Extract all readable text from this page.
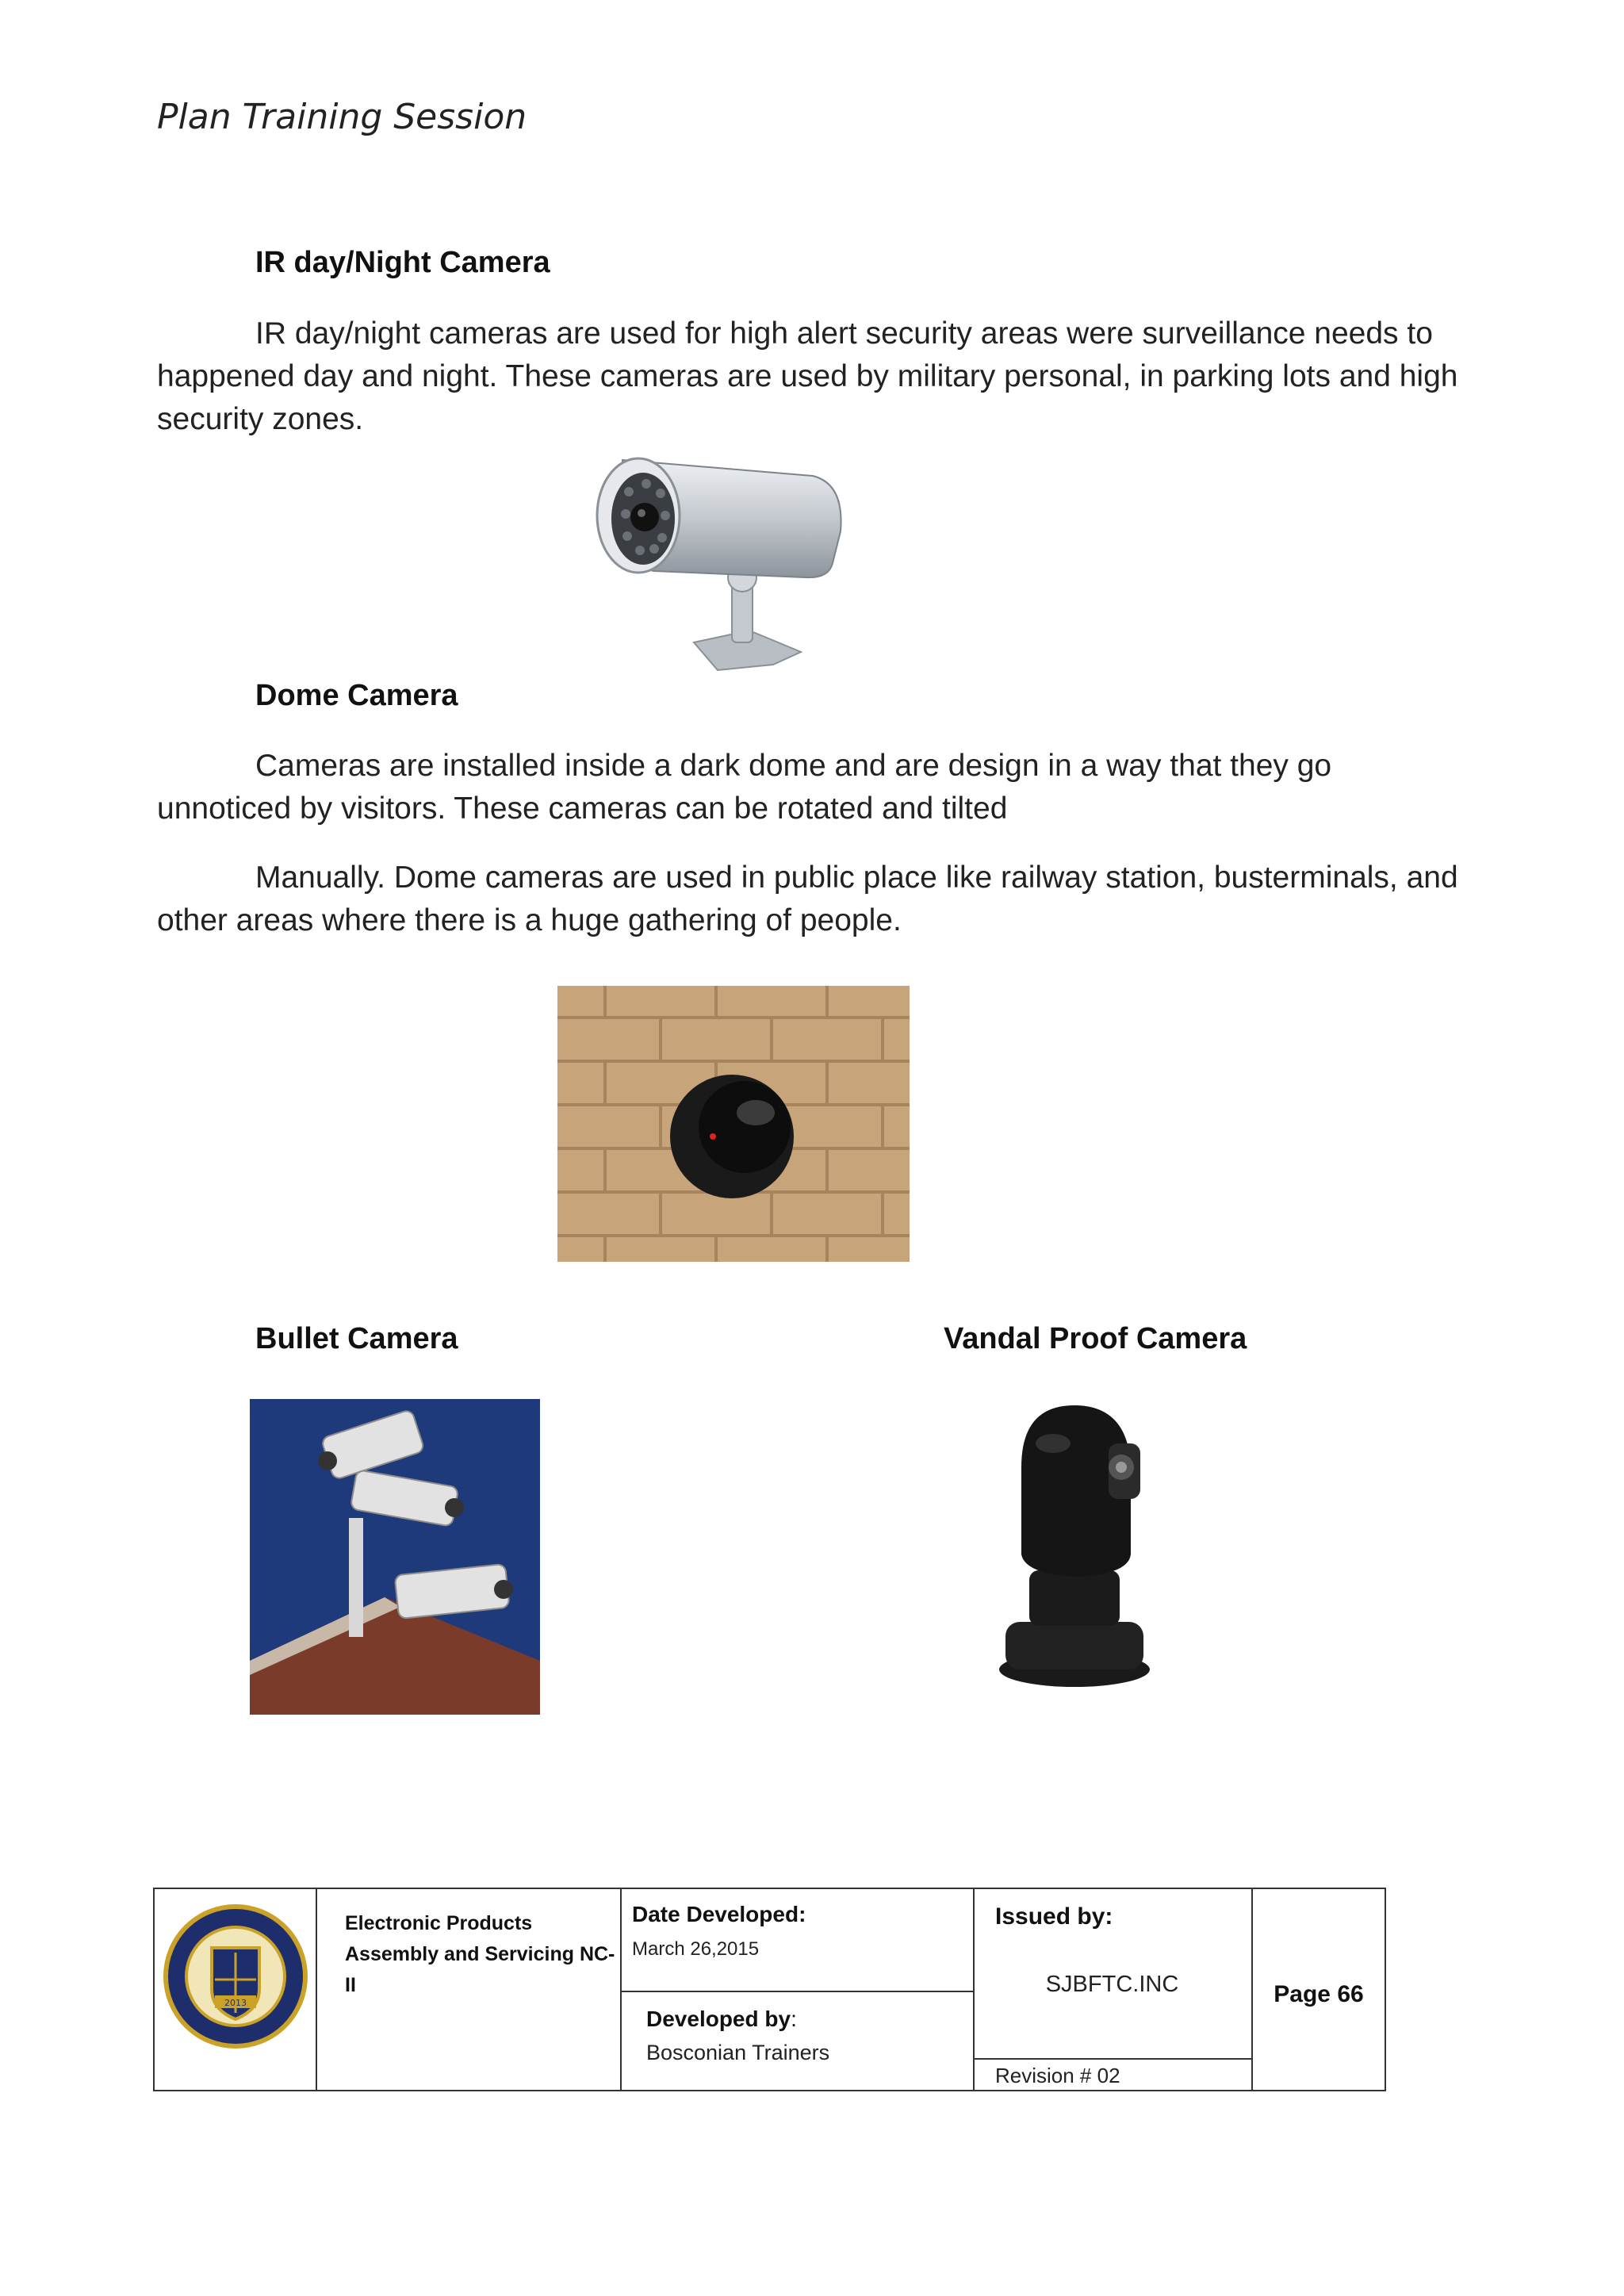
Plan Training Session
IR day/Night Camera
IR day/night cameras are used for high alert security areas were surveillance needs to happened day and night. These cameras are used by military personal, in parking lots and high security zones.
Dome Camera
Cameras are installed inside a dark dome and are design in a way that they go unnoticed by visitors. These cameras can be rotated and tilted
Manually. Dome cameras are used in public place like railway station, busterminals, and other areas where there is a huge gathering of people.
Bullet Camera	Vandal Proof Camera
2013
Electronic Products
Assembly and Servicing NC-
II
Date Developed:
March 26,2015
Developed by:
Bosconian Trainers
Issued by:
SJBFTC.INC
Revision # 02
Page 66
